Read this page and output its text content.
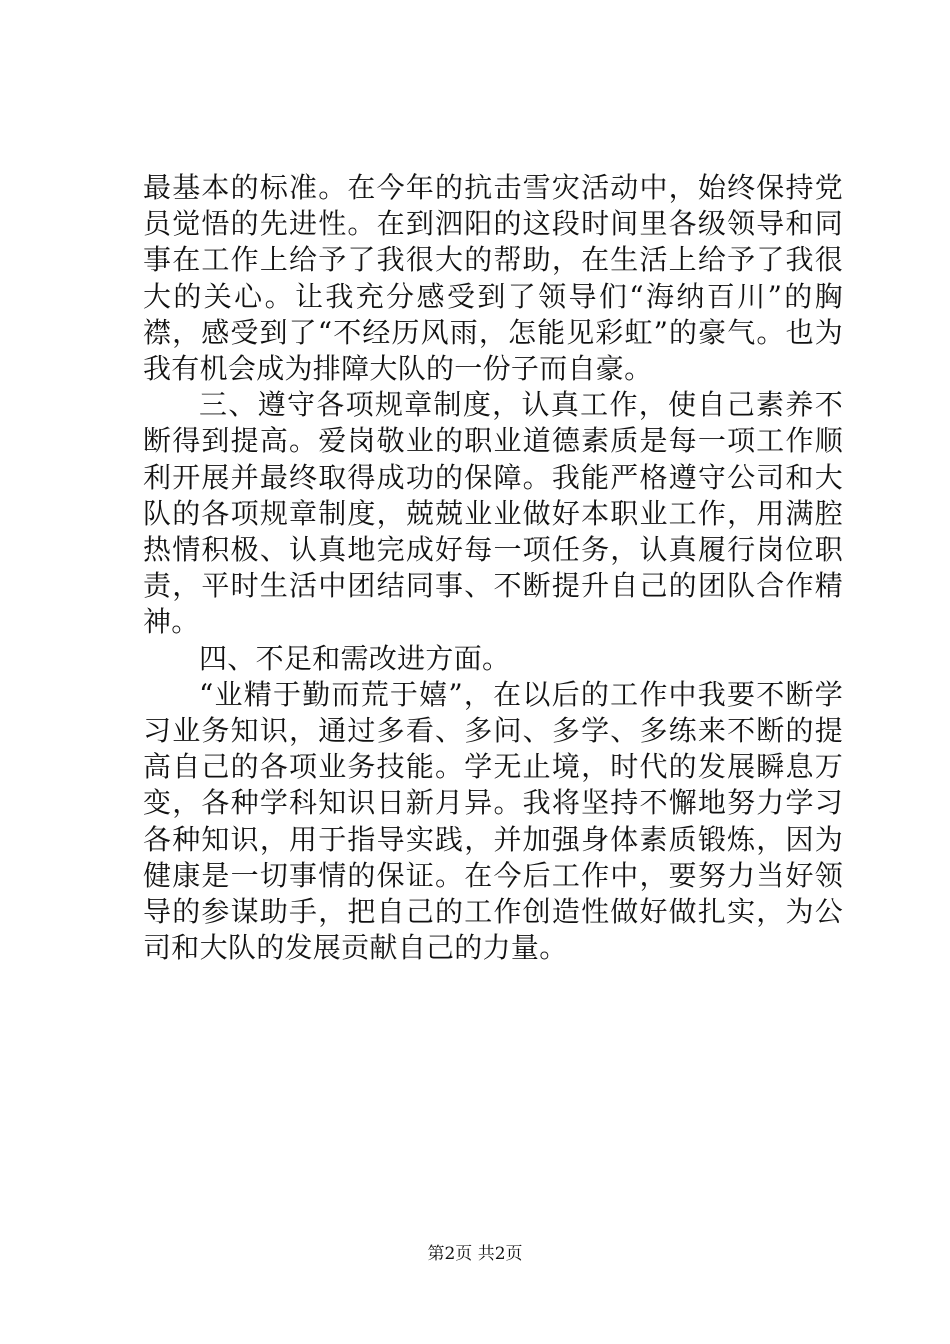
最基本的标准。在今年的抗击雪灾活动中，始终保持党员觉悟的先进性。在到泗阳的这段时间里各级领导和同事在工作上给予了我很大的帮助，在生活上给予了我很大的关心。让我充分感受到了领导们“海纳百川”的胸襟，感受到了“不经历风雨，怎能见彩虹”的豪气。也为我有机会成为排障大队的一份子而自豪。

三、遵守各项规章制度，认真工作，使自己素养不断得到提高。爱岗敬业的职业道德素质是每一项工作顺利开展并最终取得成功的保障。我能严格遵守公司和大队的各项规章制度，兢兢业业做好本职业工作，用满腔热情积极、认真地完成好每一项任务，认真履行岗位职责，平时生活中团结同事、不断提升自己的团队合作精神。

四、不足和需改进方面。

“业精于勤而荒于嬉”，在以后的工作中我要不断学习业务知识，通过多看、多问、多学、多练来不断的提高自己的各项业务技能。学无止境，时代的发展瞬息万变，各种学科知识日新月异。我将坚持不懈地努力学习各种知识，用于指导实践，并加强身体素质锻炼，因为健康是一切事情的保证。在今后工作中，要努力当好领导的参谋助手，把自己的工作创造性做好做扎实，为公司和大队的发展贡献自己的力量。

第2页 共2页
